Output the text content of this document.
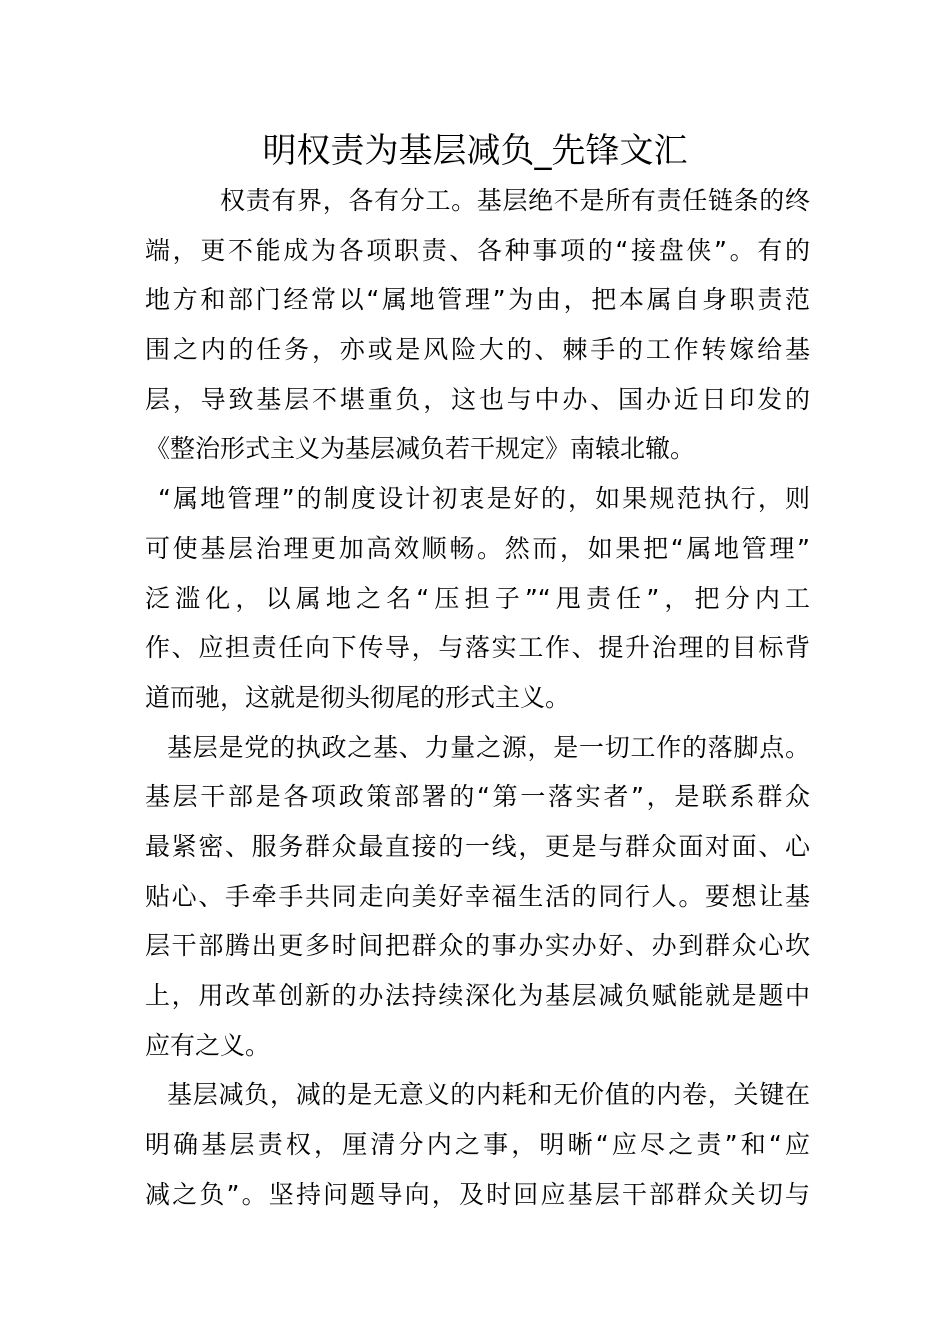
明权责为基层减负_先锋文汇
权责有界，各有分工。基层绝不是所有责任链条的终
端，更不能成为各项职责、各种事项的“接盘侠”。有的
地方和部门经常以“属地管理”为由，把本属自身职责范
围之内的任务，亦或是风险大的、棘手的工作转嫁给基
层，导致基层不堪重负，这也与中办、国办近日印发的
《整治形式主义为基层减负若干规定》南辕北辙。
“属地管理”的制度设计初衷是好的，如果规范执行，则
可使基层治理更加高效顺畅。然而，如果把“属地管理”
泛滥化，以属地之名“压担子”“甩责任”，把分内工
作、应担责任向下传导，与落实工作、提升治理的目标背
道而驰，这就是彻头彻尾的形式主义。
基层是党的执政之基、力量之源，是一切工作的落脚点。
基层干部是各项政策部署的“第一落实者”，是联系群众
最紧密、服务群众最直接的一线，更是与群众面对面、心
贴心、手牵手共同走向美好幸福生活的同行人。要想让基
层干部腾出更多时间把群众的事办实办好、办到群众心坎
上，用改革创新的办法持续深化为基层减负赋能就是题中
应有之义。
基层减负，减的是无意义的内耗和无价值的内卷，关键在
明确基层责权，厘清分内之事，明晰“应尽之责”和“应
减之负”。坚持问题导向，及时回应基层干部群众关切与
